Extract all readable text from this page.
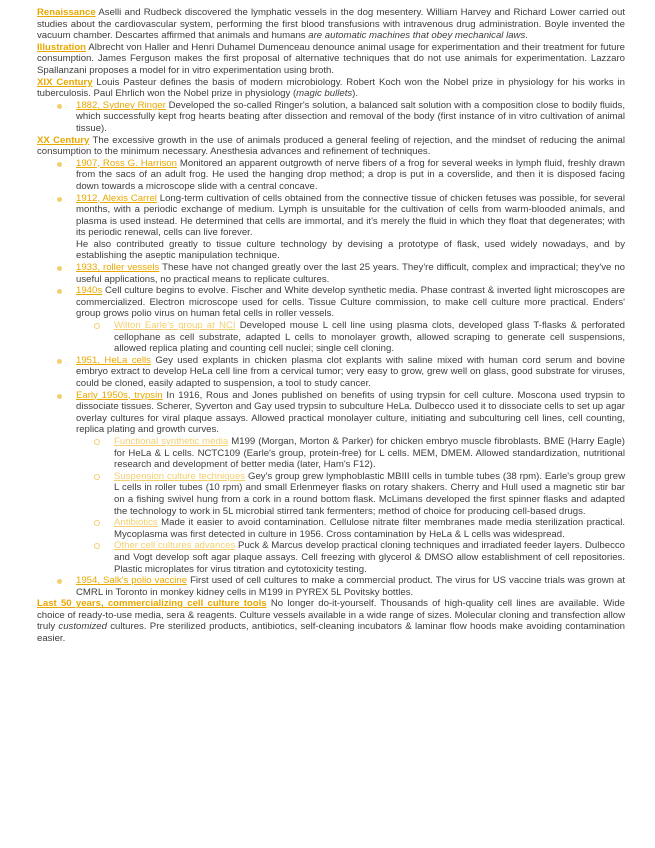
Renaissance Aselli and Rudbeck discovered the lymphatic vessels in the dog mesentery. William Harvey and Richard Lower carried out studies about the cardiovascular system, performing the first blood transfusions with intravenous drug administration. Boyle invented the vacuum chamber. Descartes affirmed that animals and humans are automatic machines that obey mechanical laws.

Illustration Albrecht von Haller and Henri Duhamel Dumenceau denounce animal usage for experimentation and their treatment for future consumption. James Ferguson makes the first proposal of alternative techniques that do not use animals for experimentation. Lazzaro Spallanzani proposes a model for in vitro experimentation using broth.

XIX Century Louis Pasteur defines the basis of modern microbiology. Robert Koch won the Nobel prize in physiology for his works in tuberculosis. Paul Ehrlich won the Nobel prize in physiology (magic bullets).

1882, Sydney Ringer Developed the so-called Ringer's solution, a balanced salt solution with a composition close to bodily fluids, which successfully kept frog hearts beating after dissection and removal of the body (first instance of in vitro cultivation of animal tissue).

XX Century The excessive growth in the use of animals produced a general feeling of rejection, and the mindset of reducing the animal consumption to the minimum necessary. Anesthesia advances and refinement of techniques.

1907, Ross G. Harrison Monitored an apparent outgrowth of nerve fibers of a frog for several weeks in lymph fluid, freshly drawn from the sacs of an adult frog. He used the hanging drop method; a drop is put in a coverslide, and then it is disposed facing down towards a microscope slide with a central concave.
1912, Alexis Carrel Long-term cultivation of cells obtained from the connective tissue of chicken fetuses was possible, for several months, with a periodic exchange of medium. Lymph is unsuitable for the cultivation of cells from warm-blooded animals, and plasma is used instead. He determined that cells are immortal, and it's merely the fluid in which they float that degenerates; with its periodic renewal, cells can live forever.

He also contributed greatly to tissue culture technology by devising a prototype of flask, used widely nowadays, and by establishing the aseptic manipulation technique.

1933, roller vessels These have not changed greatly over the last 25 years. They're difficult, complex and impractical; they've no useful applications, no practical means to replicate cultures.
1940s Cell culture begins to evolve. Fischer and White develop synthetic media. Phase contrast & inverted light microscopes are commercialized. Electron microscope used for cells. Tissue Culture commission, to make cell culture more practical. Enders' group grows polio virus on human fetal cells in roller vessels.
Wilton Earle's group at NCI Developed mouse L cell line using plasma clots, developed glass T-flasks & perforated cellophane as cell substrate, adapted L cells to monolayer growth, allowed scraping to generate cell suspensions, allowed replica plating and counting cell nuclei; single cell cloning.
1951, HeLa cells Gey used explants in chicken plasma clot explants with saline mixed with human cord serum and bovine embryo extract to develop HeLa cell line from a cervical tumor; very easy to grow, grew well on glass, good substrate for viruses, could be cloned, easily adapted to suspension, a tool to study cancer.
Early 1950s, trypsin In 1916, Rous and Jones published on benefits of using trypsin for cell culture. Moscona used trypsin to dissociate tissues. Scherer, Syverton and Gay used trypsin to subculture HeLa. Dulbecco used it to dissociate cells to set up agar overlay cultures for viral plaque assays. Allowed practical monolayer culture, initiating and subculturing cell lines, cell counting, replica plating and growth curves.
Functional synthetic media M199 (Morgan, Morton & Parker) for chicken embryo muscle fibroblasts. BME (Harry Eagle) for HeLa & L cells. NCTC109 (Earle's group, protein-free) for L cells. MEM, DMEM. Allowed standardization, nutritional research and development of better media (later, Ham's F12).
Suspension culture techniques Gey's group grew lymphoblastic MBIII cells in tumble tubes (38 rpm). Earle's group grew L cells in roller tubes (10 rpm) and small Erlenmeyer flasks on rotary shakers. Cherry and Hull used a magnetic stir bar on a fishing swivel hung from a cork in a round bottom flask. McLimans developed the first spinner flasks and adapted the technology to work in 5L microbial stirred tank fermenters; method of choice for producing cell-based drugs.
Antibiotics Made it easier to avoid contamination. Cellulose nitrate filter membranes made media sterilization practical. Mycoplasma was first detected in culture in 1956. Cross contamination by HeLa & L cells was widespread.
Other cell cultures advances Puck & Marcus develop practical cloning techniques and irradiated feeder layers. Dulbecco and Vogt develop soft agar plaque assays. Cell freezing with glycerol & DMSO allow establishment of cell repositories. Plastic microplates for virus titration and cytotoxicity testing.
1954, Salk's polio vaccine First used of cell cultures to make a commercial product. The virus for US vaccine trials was grown at CMRL in Toronto in monkey kidney cells in M199 in PYREX 5L Povitsky bottles.

Last 50 years, commercializing cell culture tools No longer do-it-yourself. Thousands of high-quality cell lines are available. Wide choice of ready-to-use media, sera & reagents. Culture vessels available in a wide range of sizes. Molecular cloning and transfection allow truly customized cultures. Pre sterilized products, antibiotics, self-cleaning incubators & laminar flow hoods make avoiding contamination easier.
